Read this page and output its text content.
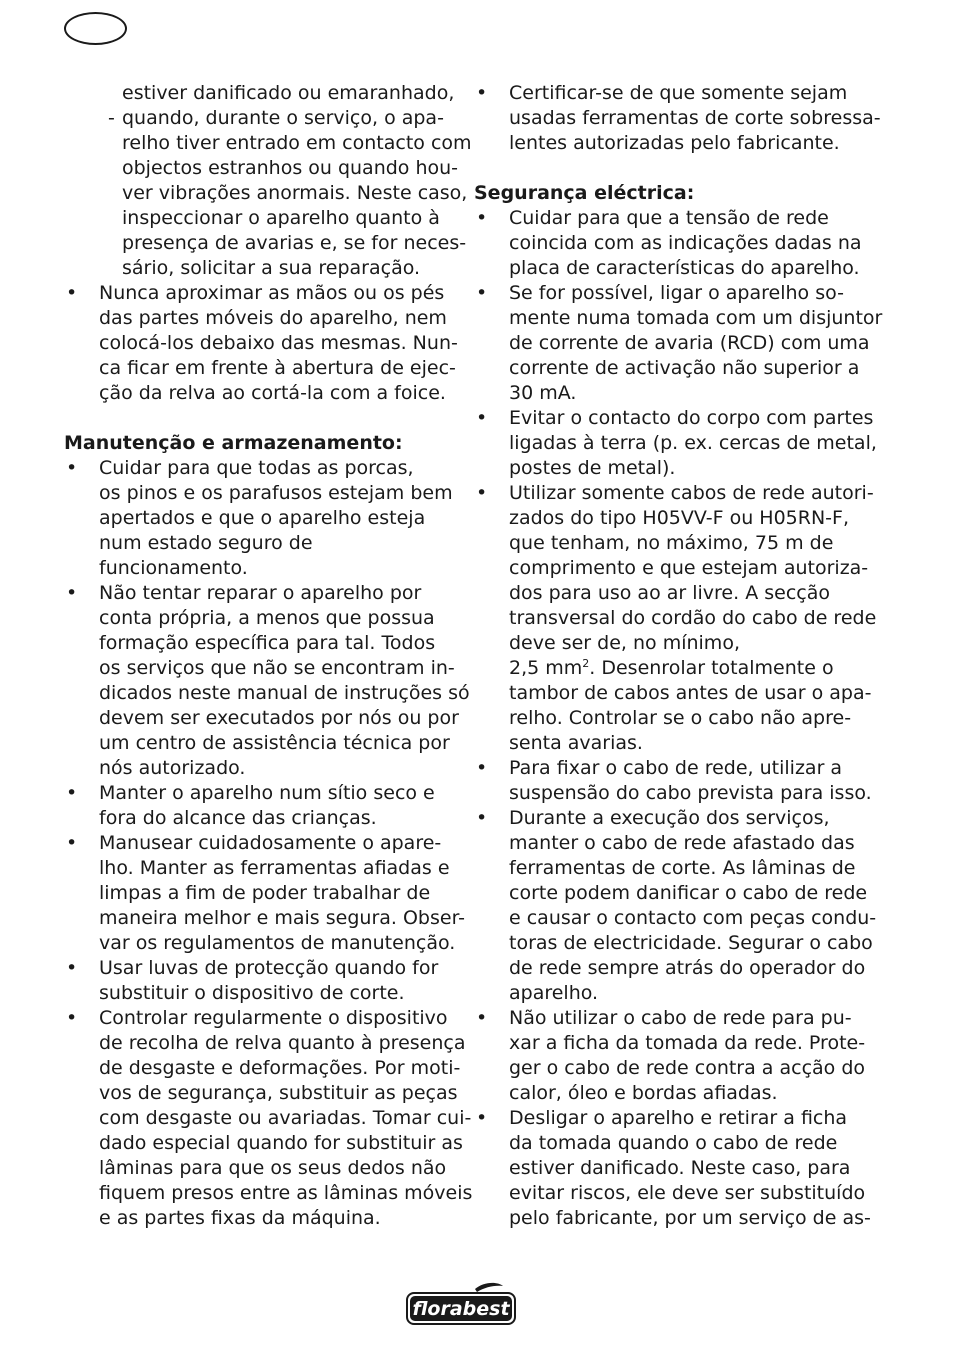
estiver danificado ou emaranhado,
- quando, durante o serviço, o apa-
relho tiver entrado em contacto com
objectos estranhos ou quando hou-
ver vibrações anormais. Neste caso,
inspeccionar o aparelho quanto à
presença de avarias e, se for neces-
sário, solicitar a sua reparação.
• Nunca aproximar as mãos ou os pés
das partes móveis do aparelho, nem
colocá-los debaixo das mesmas. Nun-
ca ficar em frente à abertura de ejec-
ção da relva ao cortá-la com a foice.
Manutenção e armazenamento:
• Cuidar para que todas as porcas,
os pinos e os parafusos estejam bem
apertados e que o aparelho esteja
num estado seguro de
funcionamento.
• Não tentar reparar o aparelho por
conta própria, a menos que possua
formação específica para tal. Todos
os serviços que não se encontram in-
dicados neste manual de instruções só
devem ser executados por nós ou por
um centro de assistência técnica por
nós autorizado.
• Manter o aparelho num sítio seco e
fora do alcance das crianças.
• Manusear cuidadosamente o apare-
lho. Manter as ferramentas afiadas e
limpas a fim de poder trabalhar de
maneira melhor e mais segura. Obser-
var os regulamentos de manutenção.
• Usar luvas de protecção quando for
substituir o dispositivo de corte.
• Controlar regularmente o dispositivo
de recolha de relva quanto à presença
de desgaste e deformações. Por moti-
vos de segurança, substituir as peças
com desgaste ou avariadas. Tomar cui-
dado especial quando for substituir as
lâminas para que os seus dedos não
fiquem presos entre as lâminas móveis
e as partes fixas da máquina.
• Certificar-se de que somente sejam
usadas ferramentas de corte sobressa-
lentes autorizadas pelo fabricante.
Segurança eléctrica:
• Cuidar para que a tensão de rede
coincida com as indicações dadas na
placa de características do aparelho.
• Se for possível, ligar o aparelho so-
mente numa tomada com um disjuntor
de corrente de avaria (RCD) com uma
corrente de activação não superior a
30 mA.
• Evitar o contacto do corpo com partes
ligadas à terra (p. ex. cercas de metal,
postes de metal).
• Utilizar somente cabos de rede autori-
zados do tipo H05VV-F ou H05RN-F,
que tenham, no máximo, 75 m de
comprimento e que estejam autoriza-
dos para uso ao ar livre. A secção
transversal do cordão do cabo de rede
deve ser de, no mínimo,
2,5 $mm^2$. Desenrolar totalmente o
tambor de cabos antes de usar o apa-
relho. Controlar se o cabo não apre-
senta avarias.
• Para fixar o cabo de rede, utilizar a
suspensão do cabo prevista para isso.
• Durante a execução dos serviços,
manter o cabo de rede afastado das
ferramentas de corte. As lâminas de
corte podem danificar o cabo de rede
e causar o contacto com peças condu-
toras de electricidade. Segurar o cabo
de rede sempre atrás do operador do
aparelho.
• Não utilizar o cabo de rede para pu-
xar a ficha da tomada da rede. Prote-
ger o cabo de rede contra a acção do
calor, óleo e bordas afiadas.
• Desligar o aparelho e retirar a ficha
da tomada quando o cabo de rede
estiver danificado. Neste caso, para
evitar riscos, ele deve ser substituído
pelo fabricante, por um serviço de as-
florabest
